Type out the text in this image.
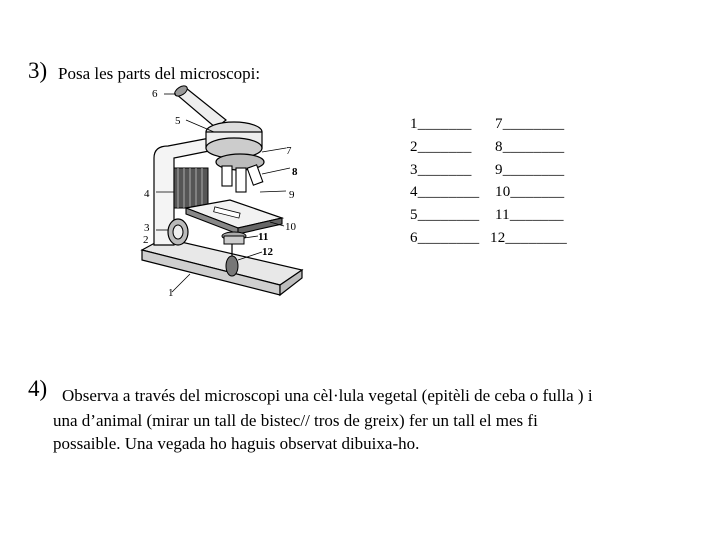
3) Posa les parts del microscopi:
6
5
7
8
4	9
10
3
2	11
12
1
1_______
2_______
3_______
4________
5________
6________
7________
8________
9________
10_______
11_______
12________
4) Observa a través del microscopi una cèl·lula vegetal (epitèli de ceba o fulla ) i
una d’animal (mirar un tall de bistec// tros de greix) fer un tall el mes fi
possaible. Una vegada ho haguis observat dibuixa-ho.
